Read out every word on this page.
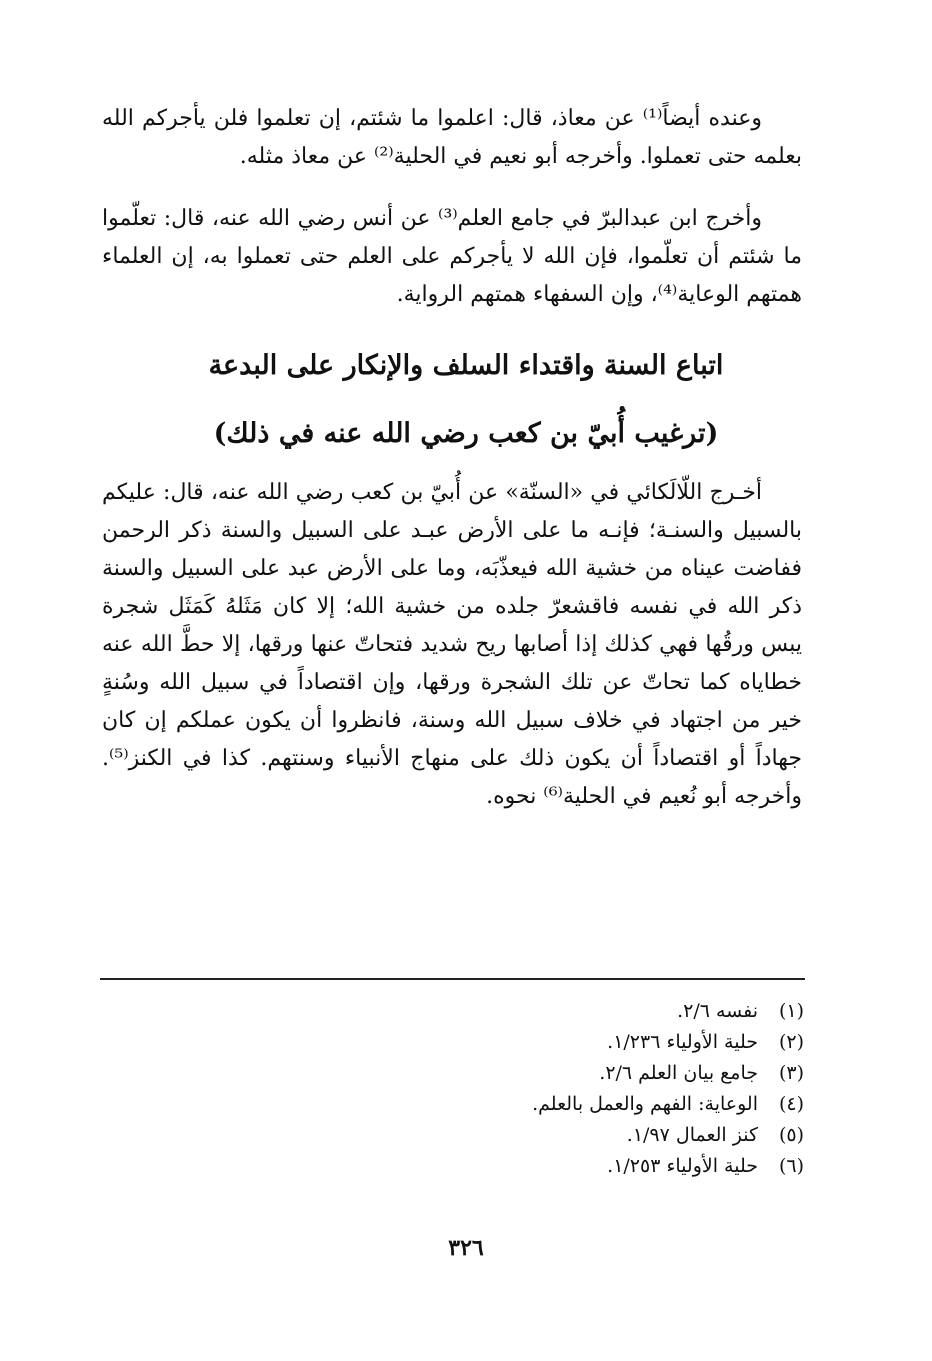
وعنده أيضاً⁽¹⁾ عن معاذ، قال: اعلموا ما شئتم، إن تعلموا فلن يأجركم الله بعلمه حتى تعملوا. وأخرجه أبو نعيم في الحلية⁽²⁾ عن معاذ مثله.

وأخرج ابن عبدالبرّ في جامع العلم⁽³⁾ عن أنس رضي الله عنه، قال: تعلّموا ما شئتم أن تعلّموا، فإن الله لا يأجركم على العلم حتى تعملوا به، إن العلماء همتهم الوعاية⁽⁴⁾، وإن السفهاء همتهم الرواية.

اتباع السنة واقتداء السلف والإنكار على البدعة
(ترغيب أُبيّ بن كعب رضي الله عنه في ذلك)

أخـرج اللّالَكائي في «السنّة» عن أُبيّ بن كعب رضي الله عنه، قال: عليكم بالسبيل والسنـة؛ فإنـه ما على الأرض عبـد على السبيل والسنة ذكر الرحمن ففاضت عيناه من خشية الله فيعذّبَه، وما على الأرض عبد على السبيل والسنة ذكر الله في نفسه فاقشعرّ جلده من خشية الله؛ إلا كان مَثَلهُ كَمَثَل شجرة يبس ورقُها فهي كذلك إذا أصابها ريح شديد فتحاتّ عنها ورقها، إلا حطَّ الله عنه خطاياه كما تحاتّ عن تلك الشجرة ورقها، وإن اقتصاداً في سبيل الله وسُنةٍ خير من اجتهاد في خلاف سبيل الله وسنة، فانظروا أن يكون عملكم إن كان جهاداً أو اقتصاداً أن يكون ذلك على منهاج الأنبياء وسنتهم. كذا في الكنز⁽⁵⁾. وأخرجه أبو نُعيم في الحلية⁽⁶⁾ نحوه.

(١)
نفسه ٢/٦.
(٢)
حلية الأولياء ١/٢٣٦.
(٣)
جامع بيان العلم ٢/٦.
(٤)
الوعاية: الفهم والعمل بالعلم.
(٥)
كنز العمال ١/٩٧.
(٦)
حلية الأولياء ١/٢٥٣.
٣٢٦
